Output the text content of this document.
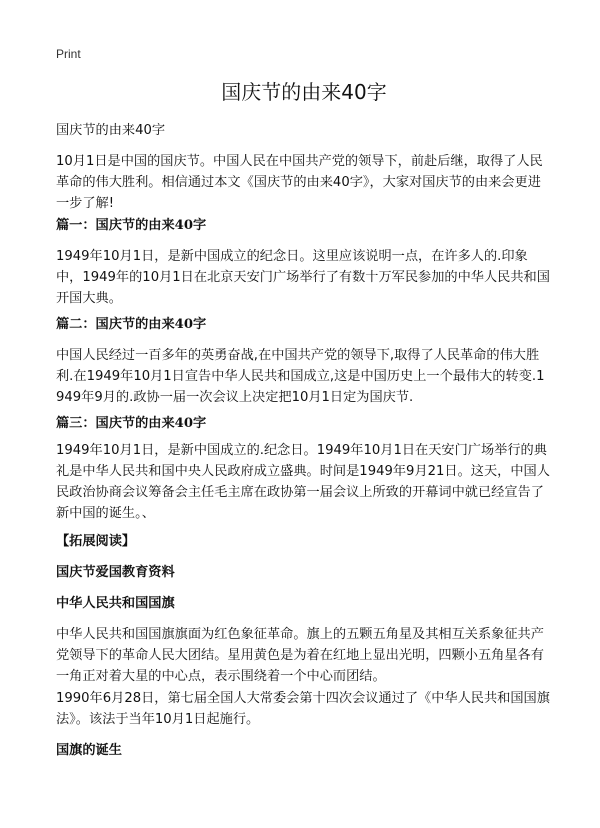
Print
国庆节的由来40字

国庆节的由来40字

10月1日是中国的国庆节。中国人民在中国共产党的领导下，前赴后继，取得了人民革命的伟大胜利。相信通过本文《国庆节的由来40字》，大家对国庆节的由来会更进一步了解!

篇一：国庆节的由来40字

1949年10月1日，是新中国成立的纪念日。这里应该说明一点，在许多人的.印象中，1949年的10月1日在北京天安门广场举行了有数十万军民参加的中华人民共和国开国大典。

篇二：国庆节的由来40字

中国人民经过一百多年的英勇奋战,在中国共产党的领导下,取得了人民革命的伟大胜利.在1949年10月1日宣告中华人民共和国成立,这是中国历史上一个最伟大的转变.1949年9月的.政协一届一次会议上决定把10月1日定为国庆节.

篇三：国庆节的由来40字

1949年10月1日，是新中国成立的.纪念日。1949年10月1日在天安门广场举行的典礼是中华人民共和国中央人民政府成立盛典。时间是1949年9月21日。这天，中国人民政治协商会议筹备会主任毛主席在政协第一届会议上所致的开幕词中就已经宣告了新中国的诞生。、

【拓展阅读】

国庆节爱国教育资料

中华人民共和国国旗

中华人民共和国国旗旗面为红色象征革命。旗上的五颗五角星及其相互关系象征共产党领导下的革命人民大团结。星用黄色是为着在红地上显出光明，四颗小五角星各有一角正对着大星的中心点，表示围绕着一个中心而团结。

1990年6月28日，第七届全国人大常委会第十四次会议通过了《中华人民共和国国旗法》。该法于当年10月1日起施行。

国旗的诞生
